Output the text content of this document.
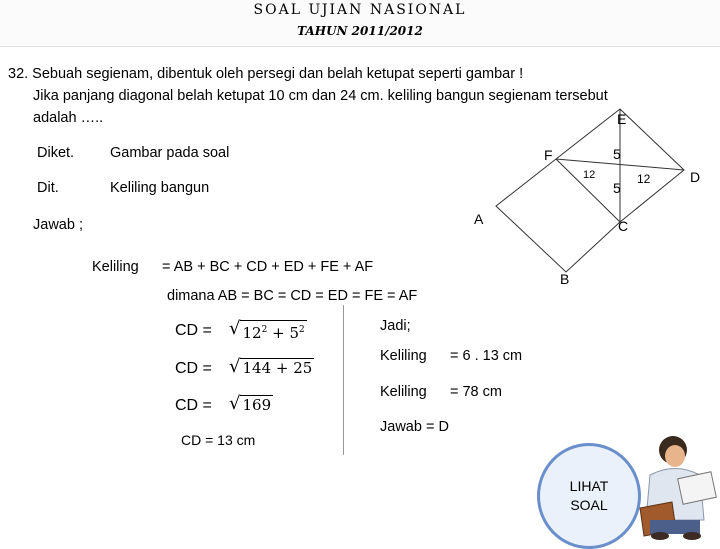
SOAL UJIAN NASIONAL
TAHUN 2011/2012
32. Sebuah segienam, dibentuk oleh persegi dan belah ketupat seperti gambar !
Jika panjang diagonal belah ketupat 10 cm dan 24 cm. keliling bangun segienam tersebut
adalah …..
Diket. Gambar pada soal
Dit.	Keliling bangun
Jawab ;
Keliling = AB + BC + CD + ED + FE + AF
dimana AB = BC = CD = ED = FE = AF
CD = √ $12^2 + 5^2$
CD = √ 144 + 25
CD = √ 169
CD = 13 cm
Jadi;
Keliling = 6 . 13 cm
Keliling = 78 cm
Jawab = D
E
F
D
A	C
B
5
5
12	12
LIHAT
SOAL
